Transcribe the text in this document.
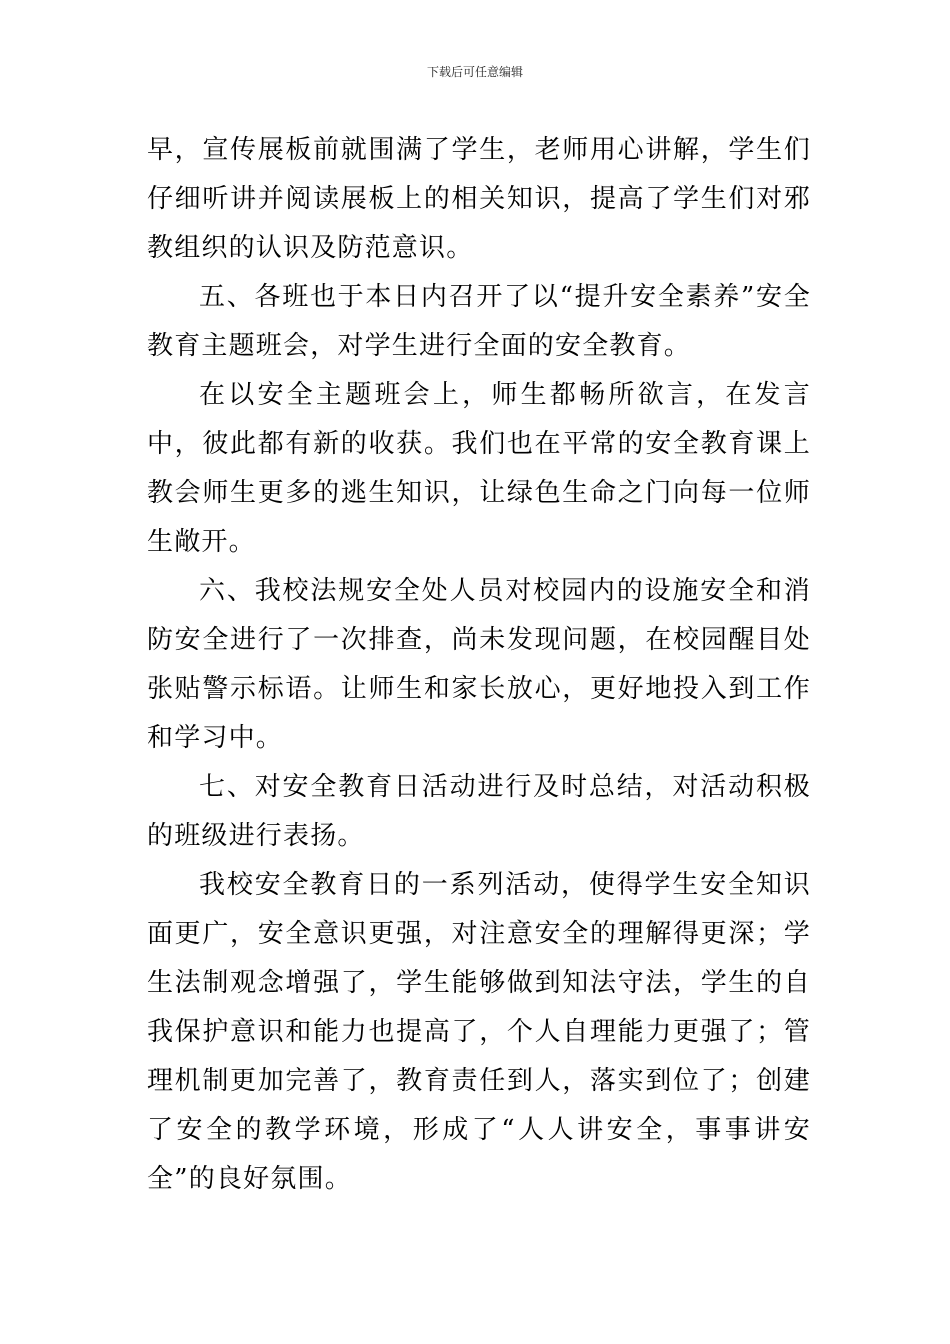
下载后可任意编辑

早，宣传展板前就围满了学生，老师用心讲解，学生们仔细听讲并阅读展板上的相关知识，提高了学生们对邪教组织的认识及防范意识。

五、各班也于本日内召开了以“提升安全素养”安全教育主题班会，对学生进行全面的安全教育。

在以安全主题班会上，师生都畅所欲言，在发言中，彼此都有新的收获。我们也在平常的安全教育课上教会师生更多的逃生知识，让绿色生命之门向每一位师生敞开。

六、我校法规安全处人员对校园内的设施安全和消防安全进行了一次排查，尚未发现问题，在校园醒目处张贴警示标语。让师生和家长放心，更好地投入到工作和学习中。

七、对安全教育日活动进行及时总结，对活动积极的班级进行表扬。

我校安全教育日的一系列活动，使得学生安全知识面更广，安全意识更强，对注意安全的理解得更深；学生法制观念增强了，学生能够做到知法守法，学生的自我保护意识和能力也提高了，个人自理能力更强了；管理机制更加完善了，教育责任到人，落实到位了；创建了安全的教学环境，形成了“人人讲安全，事事讲安全”的良好氛围。
